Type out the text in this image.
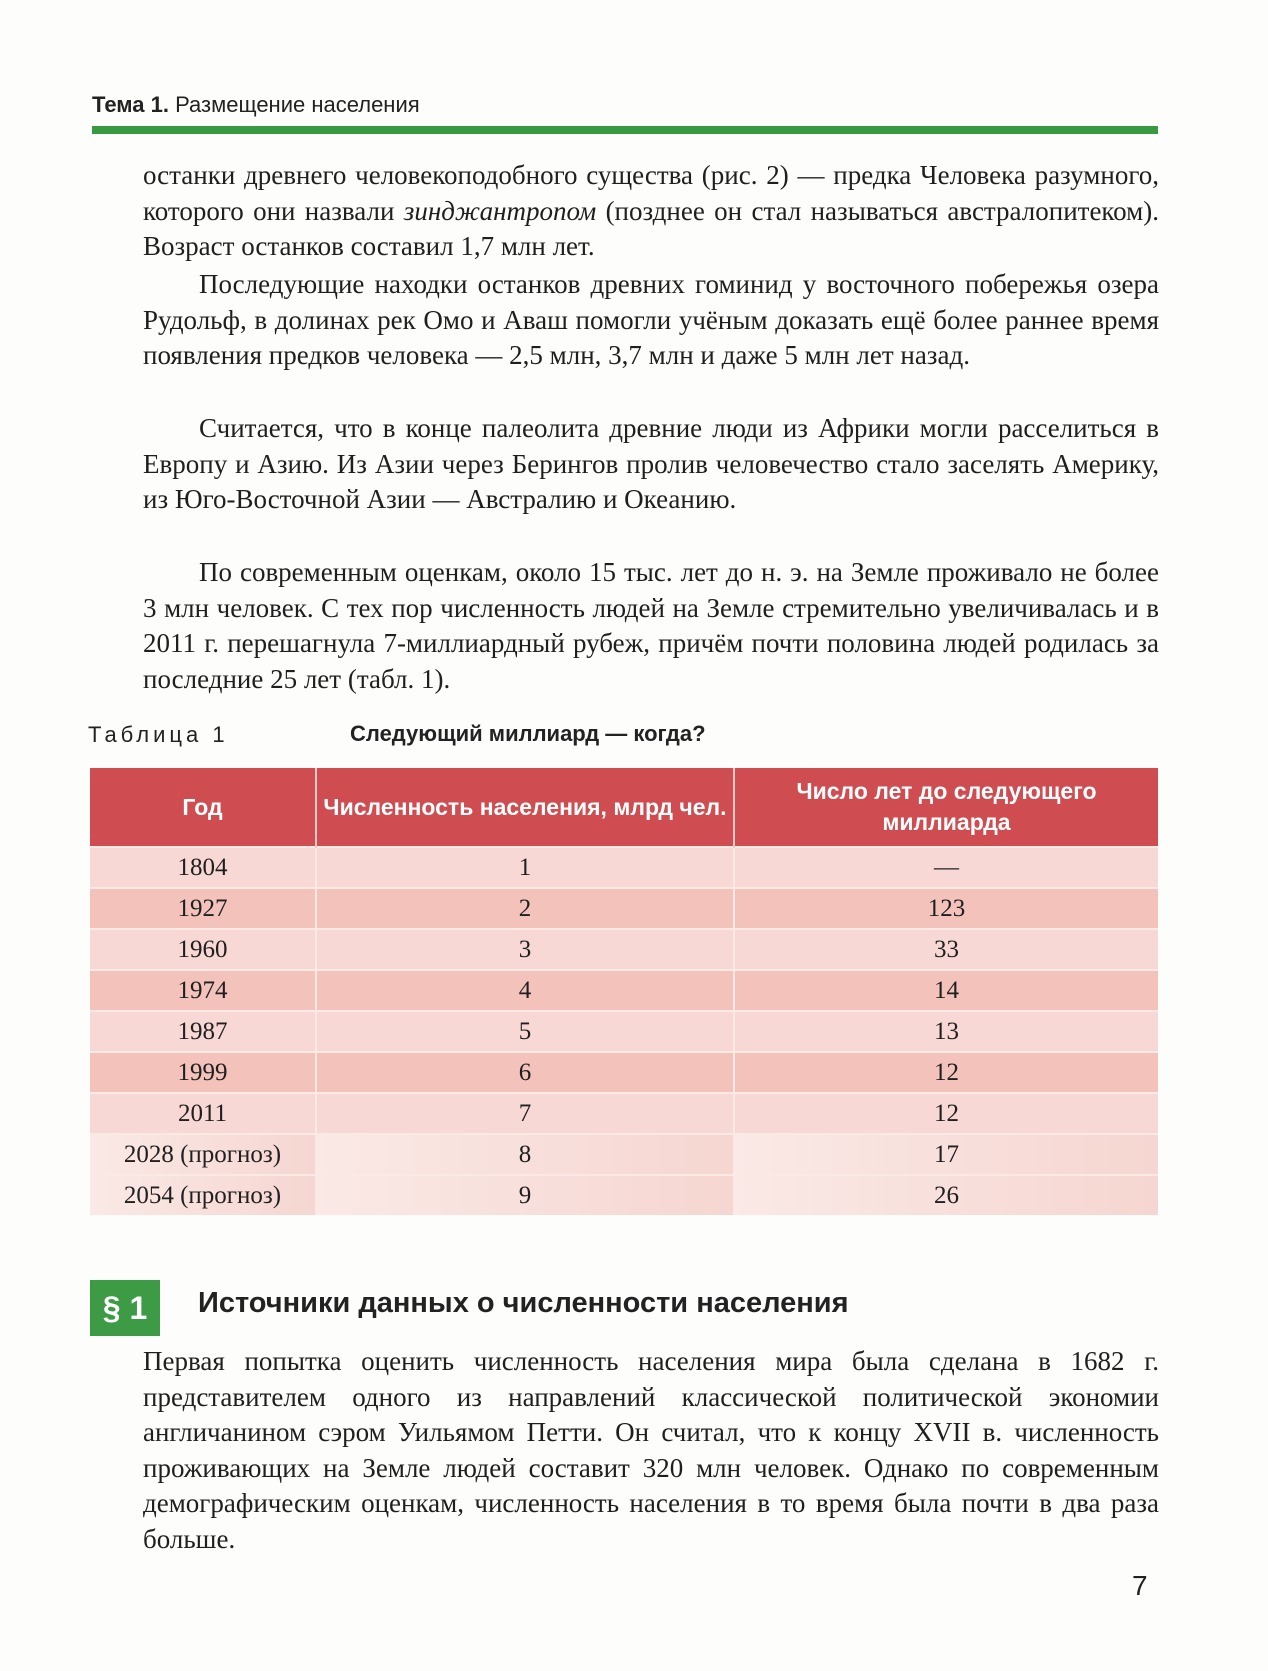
Тема 1. Размещение населения

останки древнего человекоподобного существа (рис. 2) — предка Человека разумного, которого они назвали зинджантропом (позднее он стал называться австралопитеком). Возраст останков составил 1,7 млн лет.

Последующие находки останков древних гоминид у восточного побережья озера Рудольф, в долинах рек Омо и Аваш помогли учёным доказать ещё более раннее время появления предков человека — 2,5 млн, 3,7 млн и даже 5 млн лет назад.

Считается, что в конце палеолита древние люди из Африки могли расселиться в Европу и Азию. Из Азии через Берингов пролив человечество стало заселять Америку, из Юго-Восточной Азии — Австралию и Океанию.

По современным оценкам, около 15 тыс. лет до н. э. на Земле проживало не более 3 млн человек. С тех пор численность людей на Земле стремительно увеличивалась и в 2011 г. перешагнула 7-миллиардный рубеж, причём почти половина людей родилась за последние 25 лет (табл. 1).

Таблица 1	Следующий миллиард — когда?
Год	Численность населения, млрд чел.	Число лет до следующего миллиарда
1804	1	—
1927	2	123
1960	3	33
1974	4	14
1987	5	13
1999	6	12
2011	7	12
2028 (прогноз)	8	17
2054 (прогноз)	9	26
§ 1	Источники данных о численности населения

Первая попытка оценить численность населения мира была сделана в 1682 г. представителем одного из направлений классической политической экономии англичанином сэром Уильямом Петти. Он считал, что к концу XVII в. численность проживающих на Земле людей составит 320 млн человек. Однако по современным демографическим оценкам, численность населения в то время была почти в два раза больше.

7
